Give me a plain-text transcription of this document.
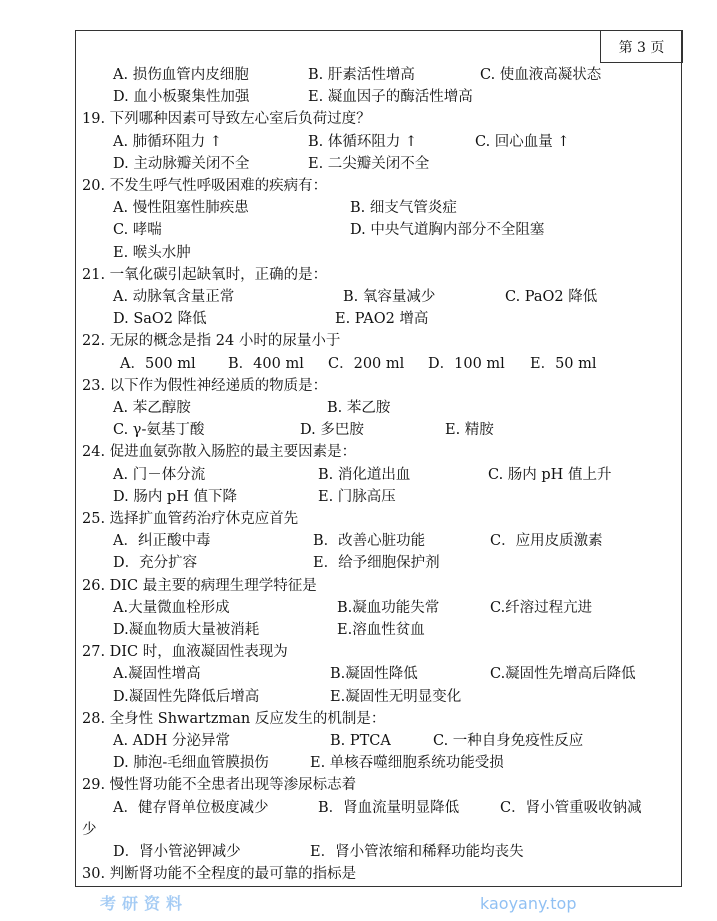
第 3 页
A. 损伤血管内皮细胞	B. 肝素活性增高	C. 使血液高凝状态
D. 血小板聚集性加强	E. 凝血因子的酶活性增高
19. 下列哪种因素可导致左心室后负荷过度？
A. 肺循环阻力 ↑	B. 体循环阻力 ↑	C. 回心血量 ↑
D. 主动脉瓣关闭不全	E. 二尖瓣关闭不全
20. 不发生呼气性呼吸困难的疾病有：
A. 慢性阻塞性肺疾患	B. 细支气管炎症
C. 哮喘	D. 中央气道胸内部分不全阻塞
E. 喉头水肿
21. 一氧化碳引起缺氧时，正确的是：
A. 动脉氧含量正常	B. 氧容量减少	C. PaO2 降低
D. SaO2 降低	E. PAO2 增高
22. 无尿的概念是指 24 小时的尿量小于
A．500 ml B．400 ml C．200 ml D．100 ml E．50 ml
23. 以下作为假性神经递质的物质是：
A. 苯乙醇胺	B. 苯乙胺
C. γ-氨基丁酸	D. 多巴胺	E. 精胺
24. 促进血氨弥散入肠腔的最主要因素是：
A. 门－体分流	B. 消化道出血	C. 肠内 pH 值上升
D. 肠内 pH 值下降	E. 门脉高压
25. 选择扩血管药治疗休克应首先
A．纠正酸中毒	B．改善心脏功能	C．应用皮质激素
D．充分扩容	E．给予细胞保护剂
26. DIC 最主要的病理生理学特征是
A.大量微血栓形成	B.凝血功能失常	C.纤溶过程亢进
D.凝血物质大量被消耗	E.溶血性贫血
27. DIC 时，血液凝固性表现为
A.凝固性增高	B.凝固性降低	C.凝固性先增高后降低
D.凝固性先降低后增高	E.凝固性无明显变化
28. 全身性 Shwartzman 反应发生的机制是：
A. ADH 分泌异常	B. PTCA	C. 一种自身免疫性反应
D. 肺泡-毛细血管膜损伤	E. 单核吞噬细胞系统功能受损
29. 慢性肾功能不全患者出现等渗尿标志着
A．健存肾单位极度减少	B．肾血流量明显降低	C．肾小管重吸收钠减
少
D．肾小管泌钾减少	E．肾小管浓缩和稀释功能均丧失
30. 判断肾功能不全程度的最可靠的指标是
考研资料	kaoyany.top
